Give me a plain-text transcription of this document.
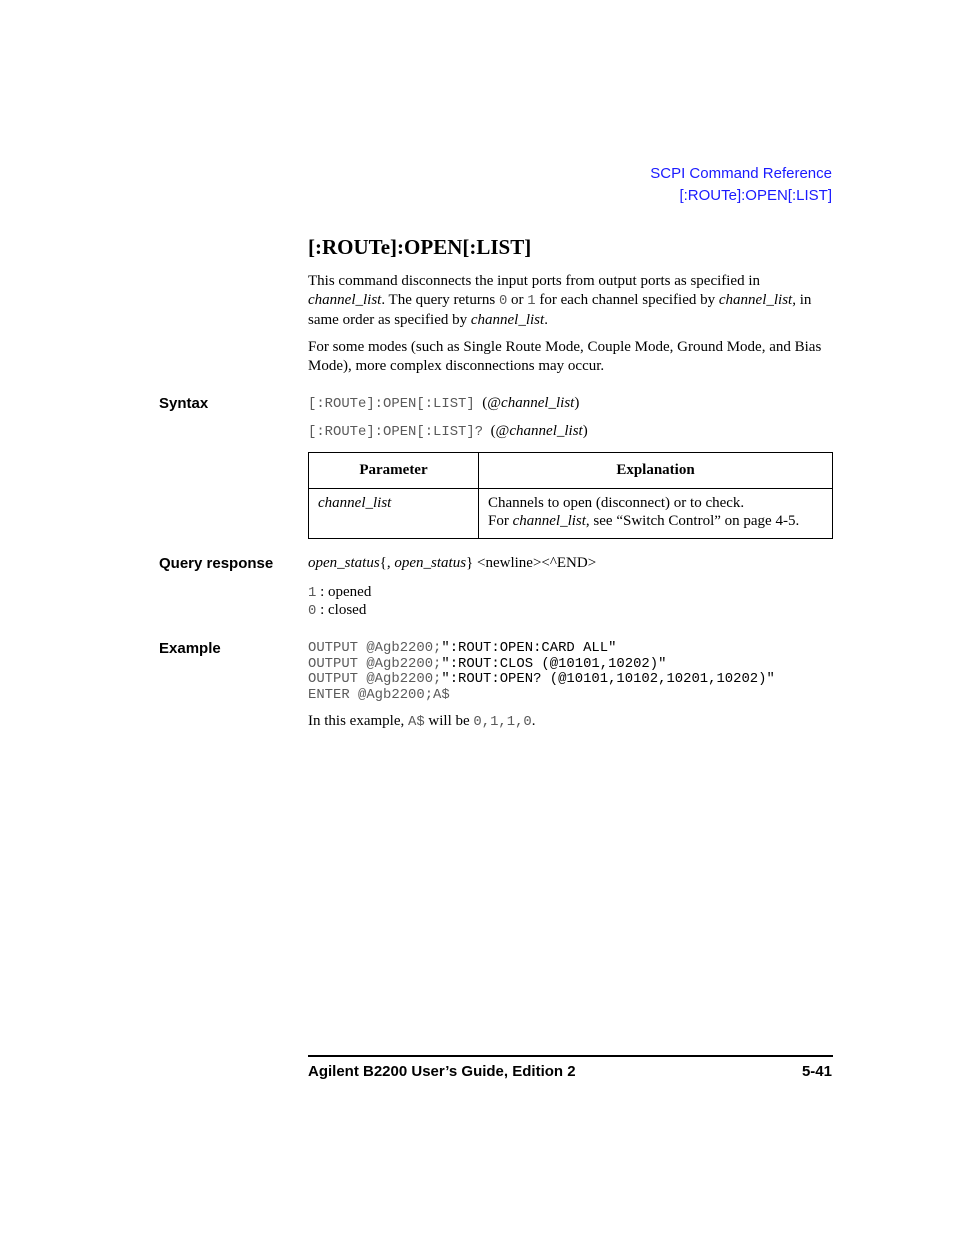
SCPI Command Reference
[:ROUTe]:OPEN[:LIST]
[:ROUTe]:OPEN[:LIST]
This command disconnects the input ports from output ports as specified in channel_list. The query returns 0 or 1 for each channel specified by channel_list, in same order as specified by channel_list.
For some modes (such as Single Route Mode, Couple Mode, Ground Mode, and Bias Mode), more complex disconnections may occur.
Syntax	[:ROUTe]:OPEN[:LIST] (@channel_list)
[:ROUTe]:OPEN[:LIST]? (@channel_list)
Parameter	Explanation
channel_list	Channels to open (disconnect) or to check.
For channel_list, see “Switch Control” on page 4-5.
Query response open_status{, open_status} <newline><^END>
1 : opened
0 : closed
Example	OUTPUT @Agb2200;":ROUT:OPEN:CARD ALL"
OUTPUT @Agb2200;":ROUT:CLOS (@10101,10202)"
OUTPUT @Agb2200;":ROUT:OPEN? (@10101,10102,10201,10202)"
ENTER @Agb2200;A$
In this example, A$ will be 0,1,1,0.
Agilent B2200 User’s Guide, Edition 2	5-41
